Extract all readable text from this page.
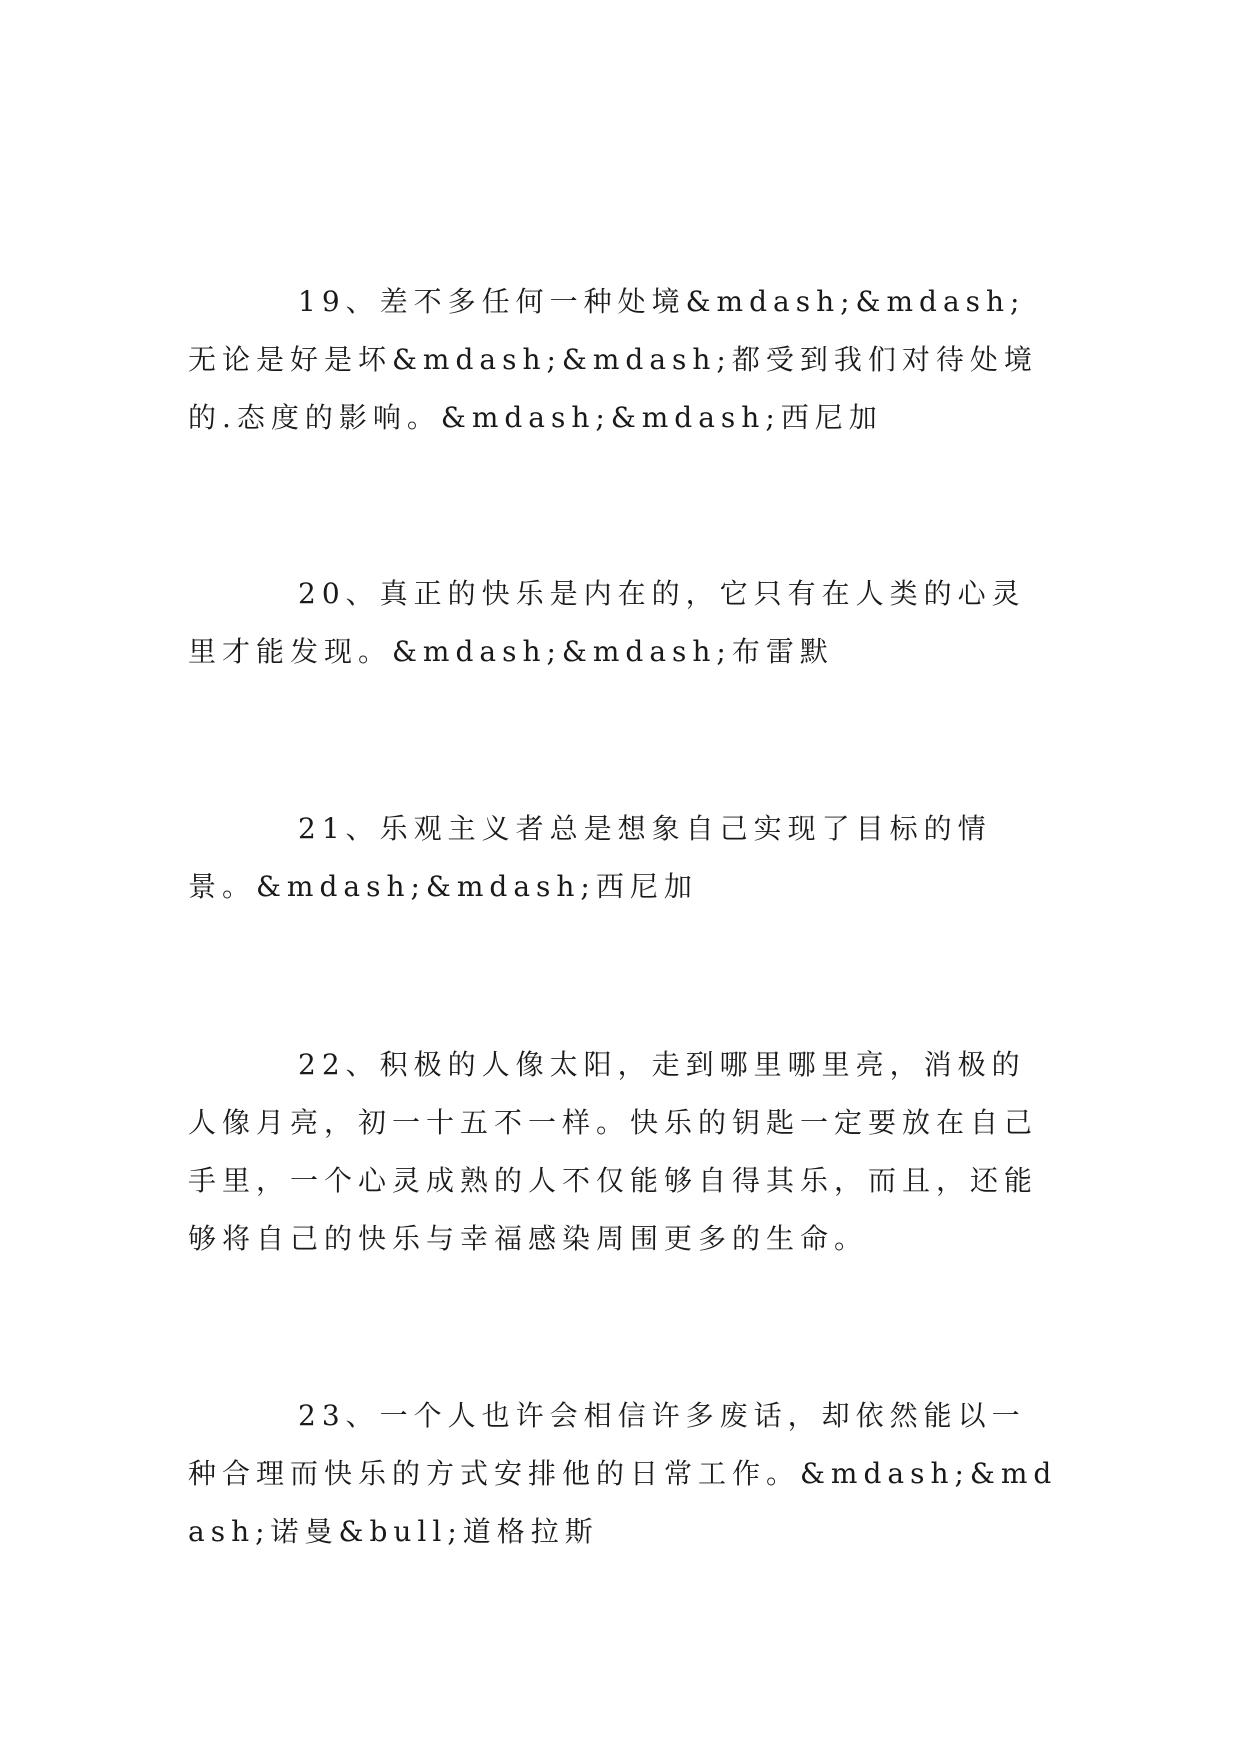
19、差不多任何一种处境&mdash;&mdash;无论是好是坏&mdash;&mdash;都受到我们对待处境的.态度的影响。&mdash;&mdash;西尼加

20、真正的快乐是内在的，它只有在人类的心灵里才能发现。&mdash;&mdash;布雷默

21、乐观主义者总是想象自己实现了目标的情景。&mdash;&mdash;西尼加

22、积极的人像太阳，走到哪里哪里亮，消极的人像月亮，初一十五不一样。快乐的钥匙一定要放在自己手里，一个心灵成熟的人不仅能够自得其乐，而且，还能够将自己的快乐与幸福感染周围更多的生命。

23、一个人也许会相信许多废话，却依然能以一种合理而快乐的方式安排他的日常工作。&mdash;&mdash;诺曼&bull;道格拉斯
